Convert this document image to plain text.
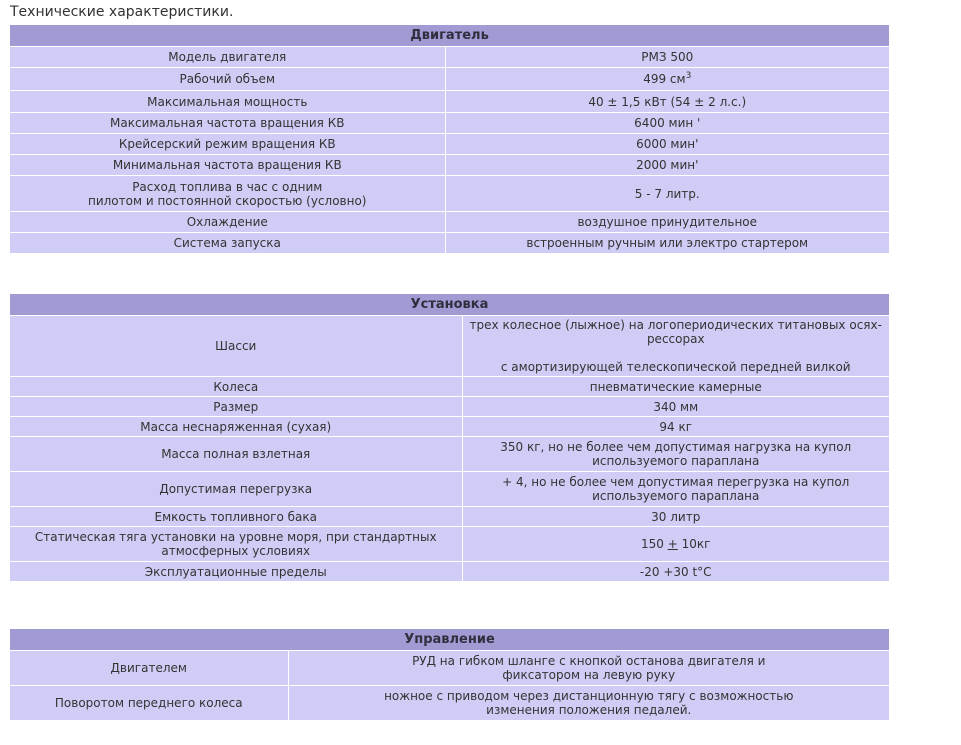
Технические характеристики.

Двигатель	
Модель двигателя	РМЗ 500
Рабочий объем	499 $см^3$
Максимальная мощность	40 ± 1,5 кВт (54 ± 2 л.с.)
Максимальная частота вращения КВ	6400 мин '
Крейсерский режим вращения КВ	6000 мин'
Минимальная частота вращения КВ	2000 мин'
Расход топлива в час с одним
пилотом и постоянной скоростью (условно)	5 - 7 литр.
Охлаждение	воздушное принудительное
Система запуска	встроенным ручным или электро стартером
Установка	
Шасси	трех колесное (лыжное) на логопериодических титановых осях-
рессорах

с амортизирующей телескопической передней вилкой
Колеса	пневматические камерные
Размер	340 мм
Масса неснаряженная (сухая)	94 кг
Масса полная взлетная	350 кг, но не более чем допустимая нагрузка на купол
используемого параплана
Допустимая перегрузка	+ 4, но не более чем допустимая перегрузка на купол
используемого параплана
Емкость топливного бака	30 литр
Статическая тяга установки на уровне моря, при стандартных
атмосферных условиях	150 + 10кг
Эксплуатационные пределы	-20 +30 t°С
Управление	
Двигателем	РУД на гибком шланге с кнопкой останова двигателя и
фиксатором на левую руку
Поворотом переднего колеса	ножное с приводом через дистанционную тягу с возможностью
изменения положения педалей.
